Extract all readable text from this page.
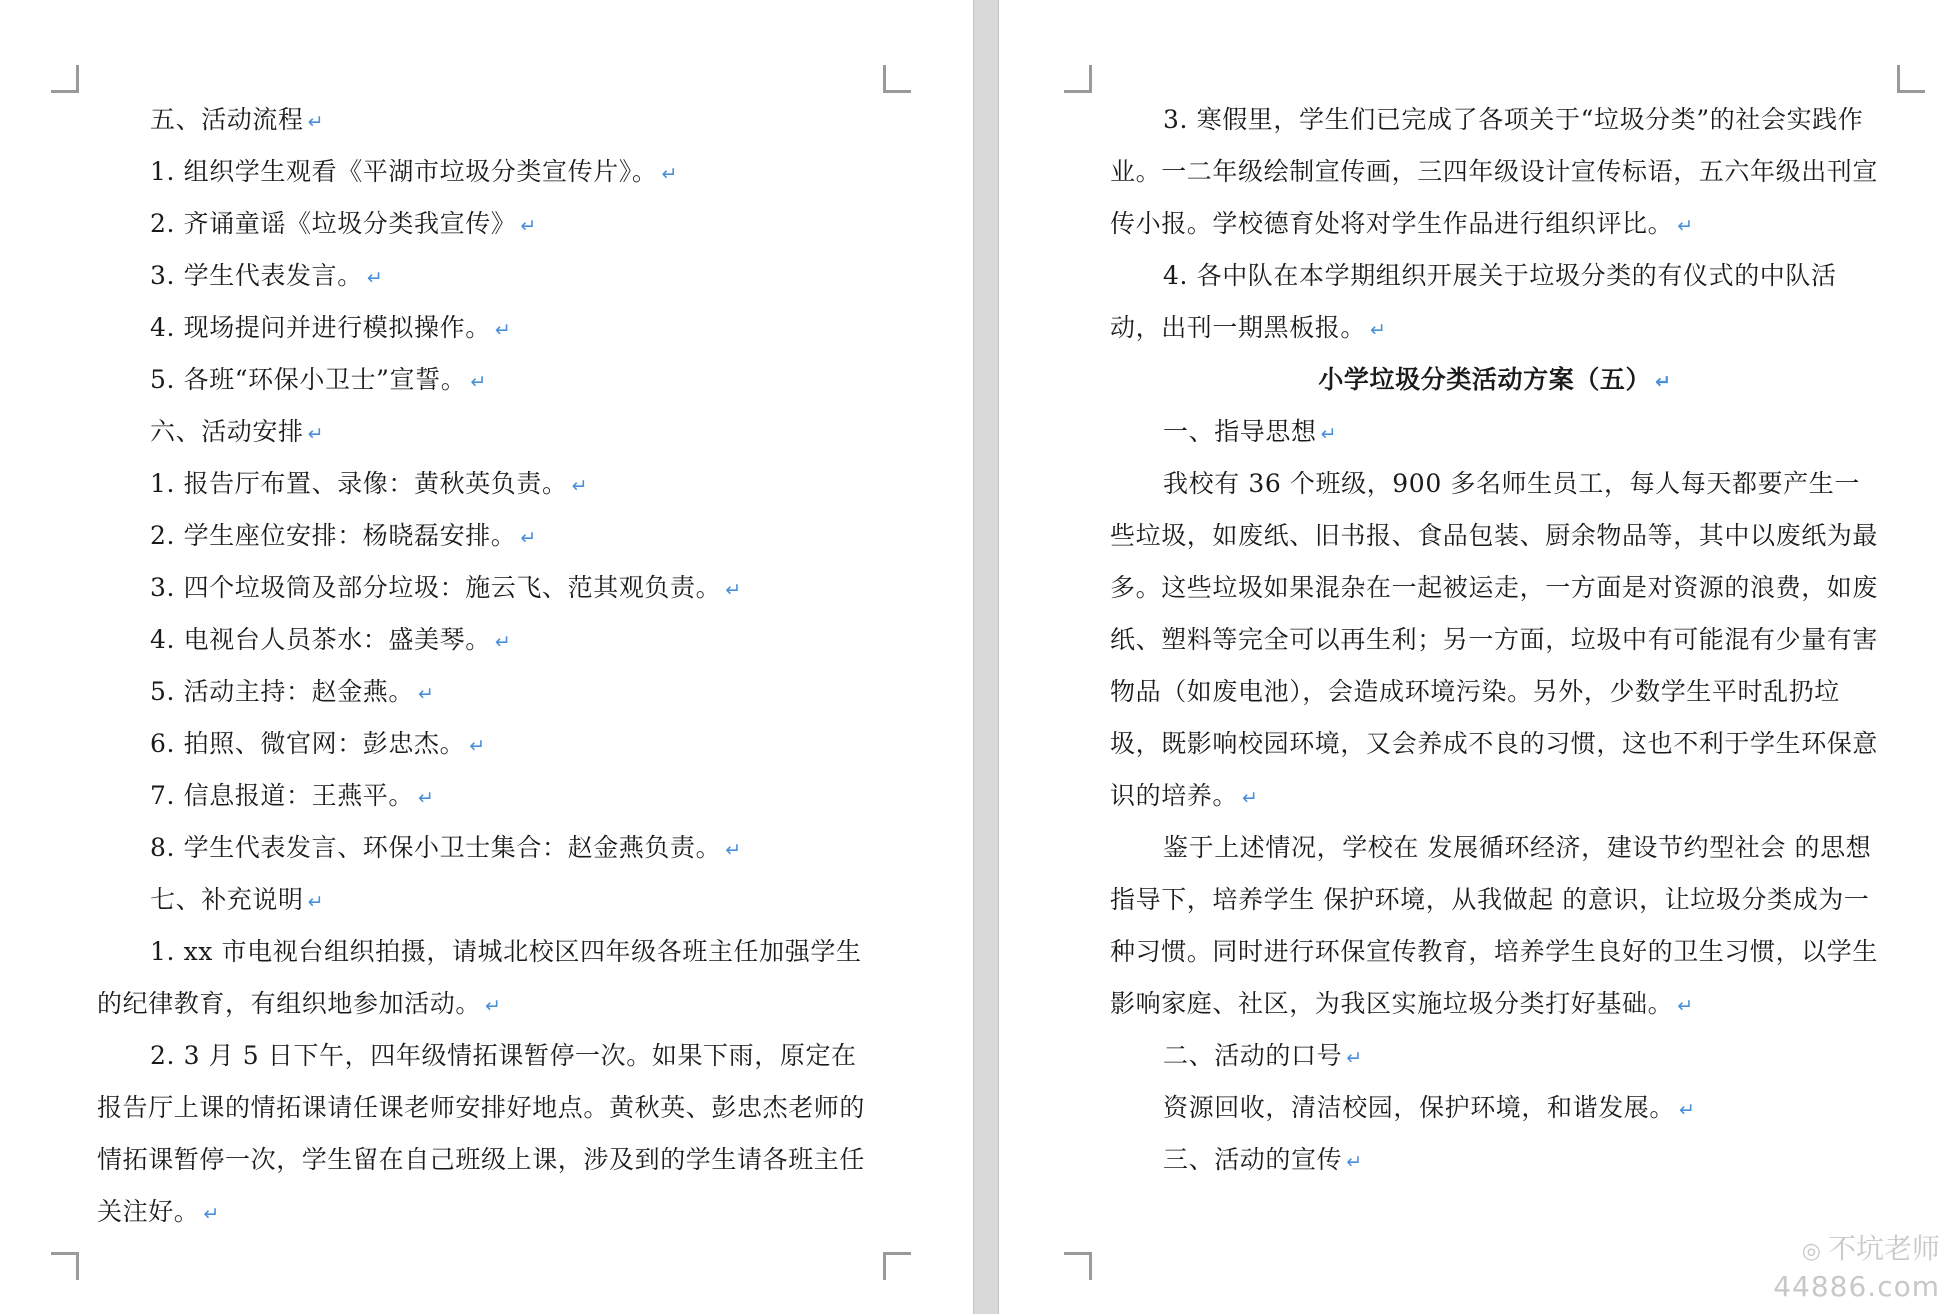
五、活动流程 ↵

1. 组织学生观看《平湖市垃圾分类宣传片》。 ↵

2. 齐诵童谣《垃圾分类我宣传》 ↵

3. 学生代表发言。 ↵

4. 现场提问并进行模拟操作。 ↵

5. 各班“环保小卫士”宣誓。 ↵

六、活动安排 ↵

1. 报告厅布置、录像：黄秋英负责。 ↵

2. 学生座位安排：杨晓磊安排。 ↵

3. 四个垃圾筒及部分垃圾：施云飞、范其观负责。 ↵

4. 电视台人员茶水：盛美琴。 ↵

5. 活动主持：赵金燕。 ↵

6. 拍照、微官网：彭忠杰。 ↵

7. 信息报道：王燕平。 ↵

8. 学生代表发言、环保小卫士集合：赵金燕负责。 ↵

七、补充说明 ↵

1. xx 市电视台组织拍摄，请城北校区四年级各班主任加强学生的纪律教育，有组织地参加活动。 ↵

2. 3 月 5 日下午，四年级情拓课暂停一次。如果下雨，原定在报告厅上课的情拓课请任课老师安排好地点。黄秋英、彭忠杰老师的情拓课暂停一次，学生留在自己班级上课，涉及到的学生请各班主任关注好。 ↵

3. 寒假里，学生们已完成了各项关于“垃圾分类”的社会实践作业。一二年级绘制宣传画，三四年级设计宣传标语，五六年级出刊宣传小报。学校德育处将对学生作品进行组织评比。 ↵

4. 各中队在本学期组织开展关于垃圾分类的有仪式的中队活动，出刊一期黑板报。 ↵

小学垃圾分类活动方案（五） ↵

一、指导思想 ↵

我校有 36 个班级，900 多名师生员工，每人每天都要产生一些垃圾，如废纸、旧书报、食品包装、厨余物品等，其中以废纸为最多。这些垃圾如果混杂在一起被运走，一方面是对资源的浪费，如废纸、塑料等完全可以再生利；另一方面，垃圾中有可能混有少量有害物品（如废电池），会造成环境污染。另外，少数学生平时乱扔垃圾，既影响校园环境，又会养成不良的习惯，这也不利于学生环保意识的培养。 ↵

鉴于上述情况，学校在 发展循环经济，建设节约型社会 的思想指导下，培养学生 保护环境，从我做起 的意识，让垃圾分类成为一种习惯。同时进行环保宣传教育，培养学生良好的卫生习惯，以学生影响家庭、社区，为我区实施垃圾分类打好基础。 ↵

二、活动的口号 ↵

资源回收，清洁校园，保护环境，和谐发展。 ↵

三、活动的宣传 ↵

◎ 不坑老师
44886.com
